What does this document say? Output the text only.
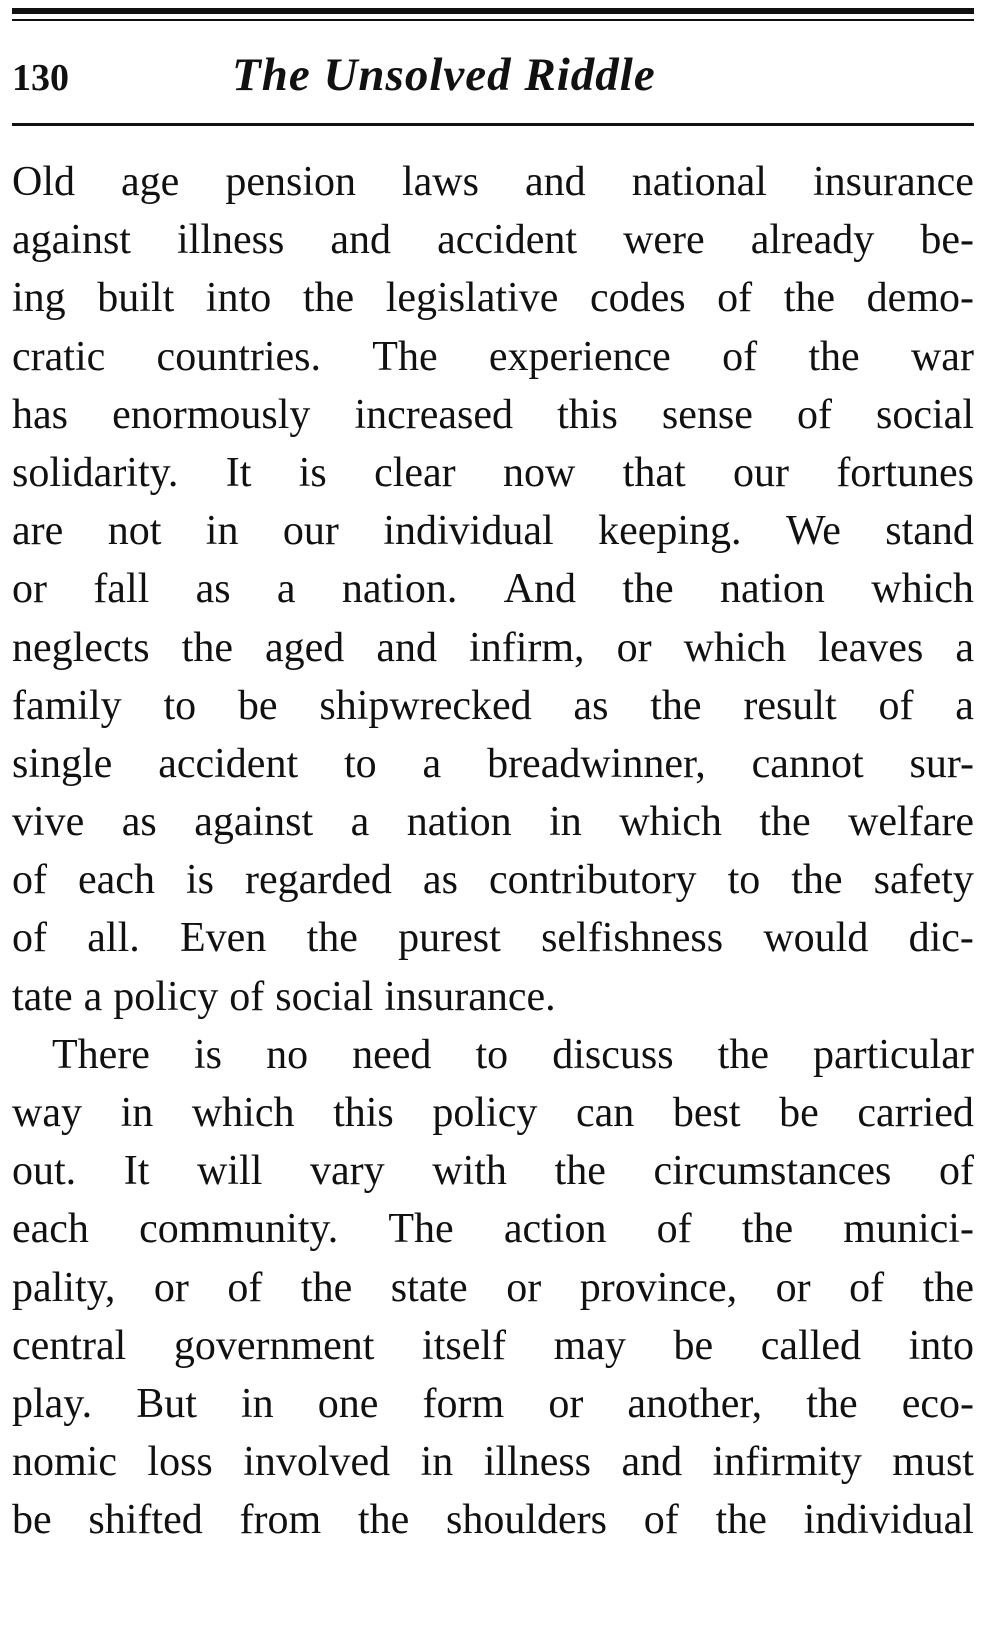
130	The Unsolved Riddle
Old age pension laws and national insurance
against illness and accident were already be-
ing built into the legislative codes of the demo-
cratic countries. The experience of the war
has enormously increased this sense of social
solidarity. It is clear now that our fortunes
are not in our individual keeping. We stand
or fall as a nation. And the nation which
neglects the aged and infirm, or which leaves a
family to be shipwrecked as the result of a
single accident to a breadwinner, cannot sur-
vive as against a nation in which the welfare
of each is regarded as contributory to the safety
of all. Even the purest selfishness would dic-
tate a policy of social insurance.
There is no need to discuss the particular
way in which this policy can best be carried
out. It will vary with the circumstances of
each community. The action of the munici-
pality, or of the state or province, or of the
central government itself may be called into
play. But in one form or another, the eco-
nomic loss involved in illness and infirmity must
be shifted from the shoulders of the individual
